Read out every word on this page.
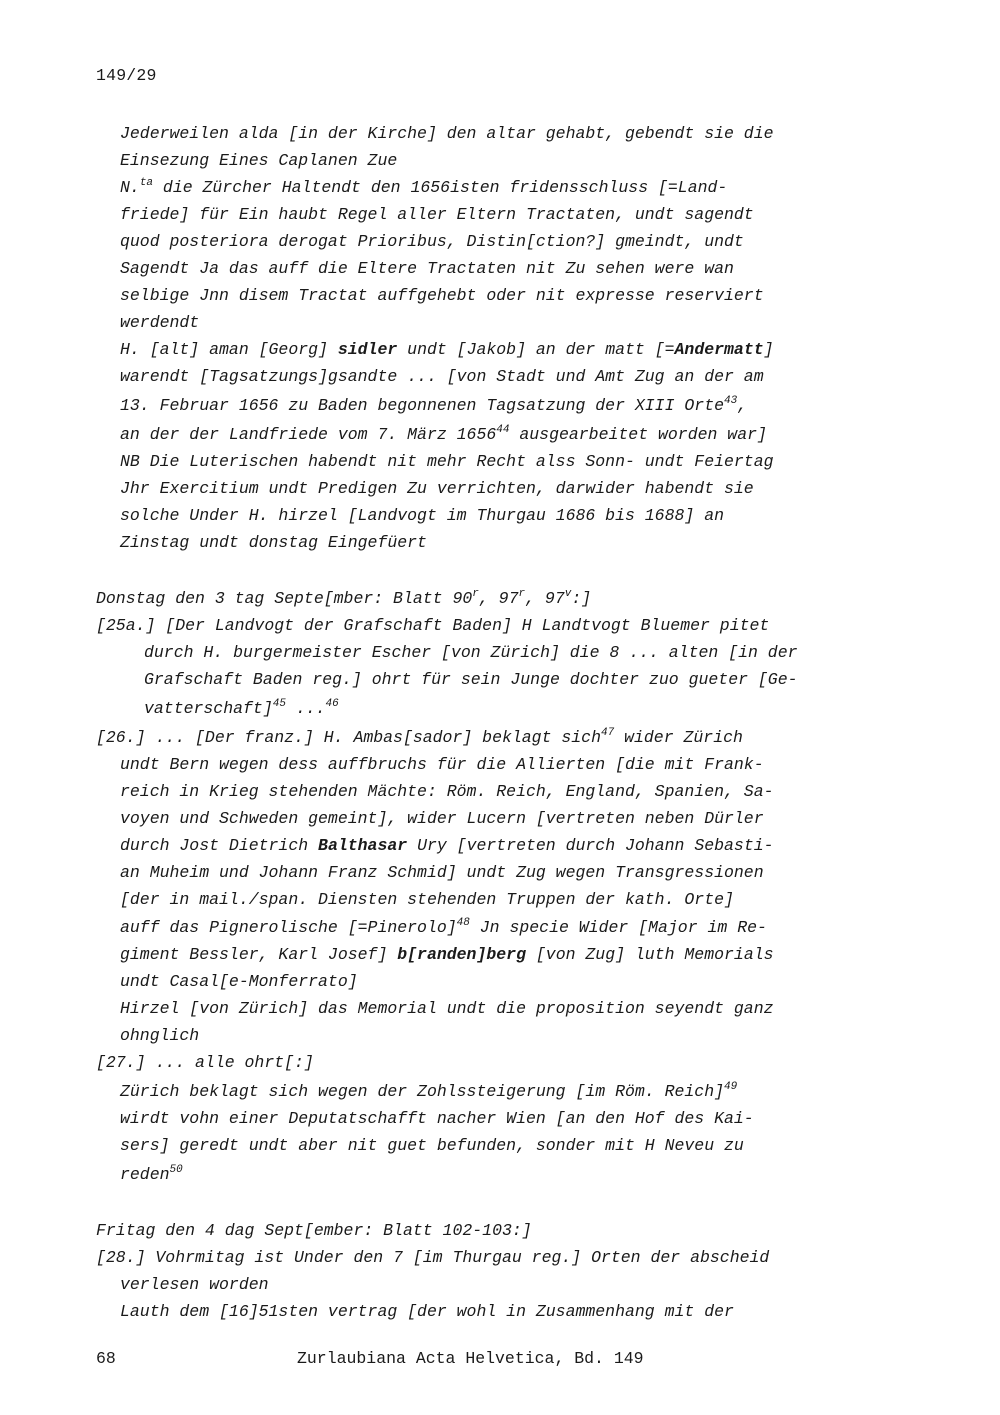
149/29

Jederweilen alda [in der Kirche] den altar gehabt, gebendt sie die

Einsezung Eines Caplanen Zue

N.$^{ta}$ die Zürcher Haltendt den 1656isten fridensschluss [=Land-

friede] für Ein haubt Regel aller Eltern Tractaten, undt sagendt

quod posteriora derogat Prioribus, Distin[ction?] gmeindt, undt

Sagendt Ja das auff die Eltere Tractaten nit Zu sehen were wan

selbige Jnn disem Tractat auffgehebt oder nit expresse reserviert

werdendt

H. [alt] aman [Georg] sidler undt [Jakob] an der matt [=Andermatt]

warendt [Tagsatzungs]gsandte ... [von Stadt und Amt Zug an der am

13. Februar 1656 zu Baden begonnenen Tagsatzung der XIII Orte$^{43}$,

an der der Landfriede vom 7. März 1656$^{44}$ ausgearbeitet worden war]

NB Die Luterischen habendt nit mehr Recht alss Sonn- undt Feiertag

Jhr Exercitium undt Predigen Zu verrichten, darwider habendt sie

solche Under H. hirzel [Landvogt im Thurgau 1686 bis 1688] an

Zinstag undt donstag Eingefüert

Donstag den 3 tag Septe[mber: Blatt 90$^r$, 97$^r$, 97$^v$:]

[25a.] [Der Landvogt der Grafschaft Baden] H Landtvogt Bluemer pitet

durch H. burgermeister Escher [von Zürich] die 8 ... alten [in der

Grafschaft Baden reg.] ohrt für sein Junge dochter zuo gueter [Ge-

vatterschaft]$^{45}$ ...$^{46}$

[26.] ... [Der franz.] H. Ambas[sador] beklagt sich$^{47}$ wider Zürich

undt Bern wegen dess auffbruchs für die Allierten [die mit Frank-

reich in Krieg stehenden Mächte: Röm. Reich, England, Spanien, Sa-

voyen und Schweden gemeint], wider Lucern [vertreten neben Dürler

durch Jost Dietrich Balthasar Ury [vertreten durch Johann Sebasti-

an Muheim und Johann Franz Schmid] undt Zug wegen Transgressionen

[der in mail./span. Diensten stehenden Truppen der kath. Orte]

auff das Pignerolische [=Pinerolo]$^{48}$ Jn specie Wider [Major im Re-

giment Bessler, Karl Josef] b[randen]berg [von Zug] luth Memorials

undt Casal[e-Monferrato]

Hirzel [von Zürich] das Memorial undt die proposition seyendt ganz

ohnglich

[27.] ... alle ohrt[:]

Zürich beklagt sich wegen der Zohlssteigerung [im Röm. Reich]$^{49}$

wirdt vohn einer Deputatschafft nacher Wien [an den Hof des Kai-

sers] geredt undt aber nit guet befunden, sonder mit H Neveu zu

reden$^{50}$

Fritag den 4 dag Sept[ember: Blatt 102-103:]

[28.] Vohrmitag ist Under den 7 [im Thurgau reg.] Orten der abscheid

verlesen worden

Lauth dem [16]51sten vertrag [der wohl in Zusammenhang mit der

68	Zurlaubiana Acta Helvetica, Bd. 149
